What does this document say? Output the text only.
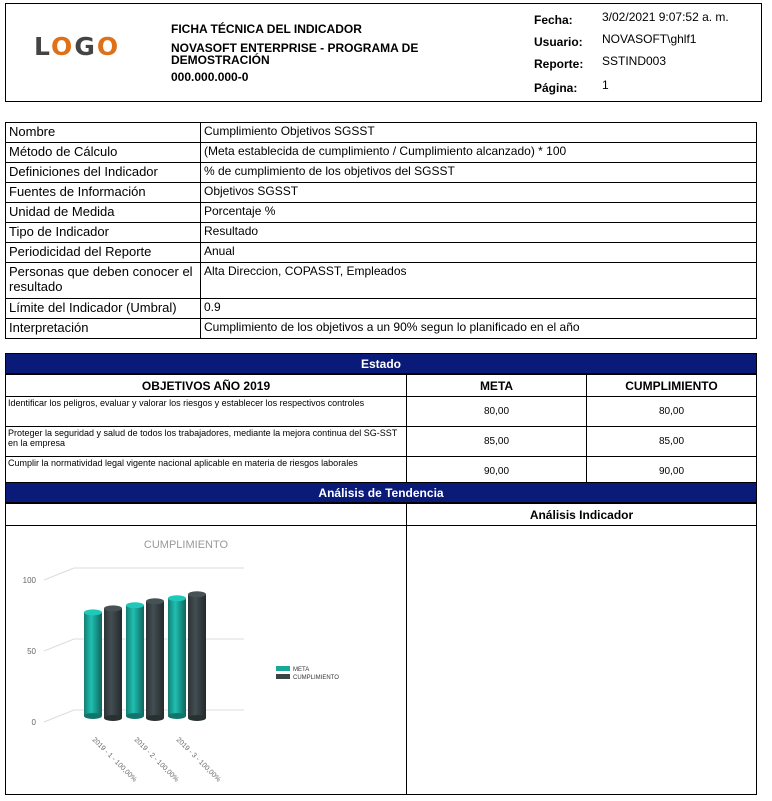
LOGO
FICHA TÉCNICA DEL INDICADOR
NOVASOFT ENTERPRISE - PROGRAMA DE DEMOSTRACIÓN
000.000.000-0
Fecha: 3/02/2021 9:07:52 a. m.
Usuario: NOVASOFT\ghlf1
Reporte: SSTIND003
Página: 1
Nombre	Cumplimiento Objetivos SGSST
Método de Cálculo	(Meta establecida de cumplimiento / Cumplimiento alcanzado) * 100
Definiciones del Indicador	% de cumplimiento de los objetivos del SGSST
Fuentes de Información	Objetivos SGSST
Unidad de Medida	Porcentaje %
Tipo de Indicador	Resultado
Periodicidad del Reporte	Anual
Personas que deben conocer el resultado	Alta Direccion, COPASST, Empleados
Límite del Indicador (Umbral)	0.9
Interpretación	Cumplimiento de los objetivos a un 90% segun lo planificado en el año
Estado
OBJETIVOS AÑO 2019	META	CUMPLIMIENTO
Identificar los peligros, evaluar y valorar los riesgos y establecer los respectivos controles	80,00	80,00
Proteger la seguridad y salud de todos los trabajadores, mediante la mejora continua del SG-SST en la empresa	85,00	85,00
Cumplir la normatividad legal vigente nacional aplicable en materia de riesgos laborales	90,00	90,00
Análisis de Tendencia
Análisis Indicador
CUMPLIMIENTO
0
50
100
2019 - 1 - 100,00%
2019 - 2 - 100,00%
2019 - 3 - 100,00%
META
CUMPLIMIENTO
